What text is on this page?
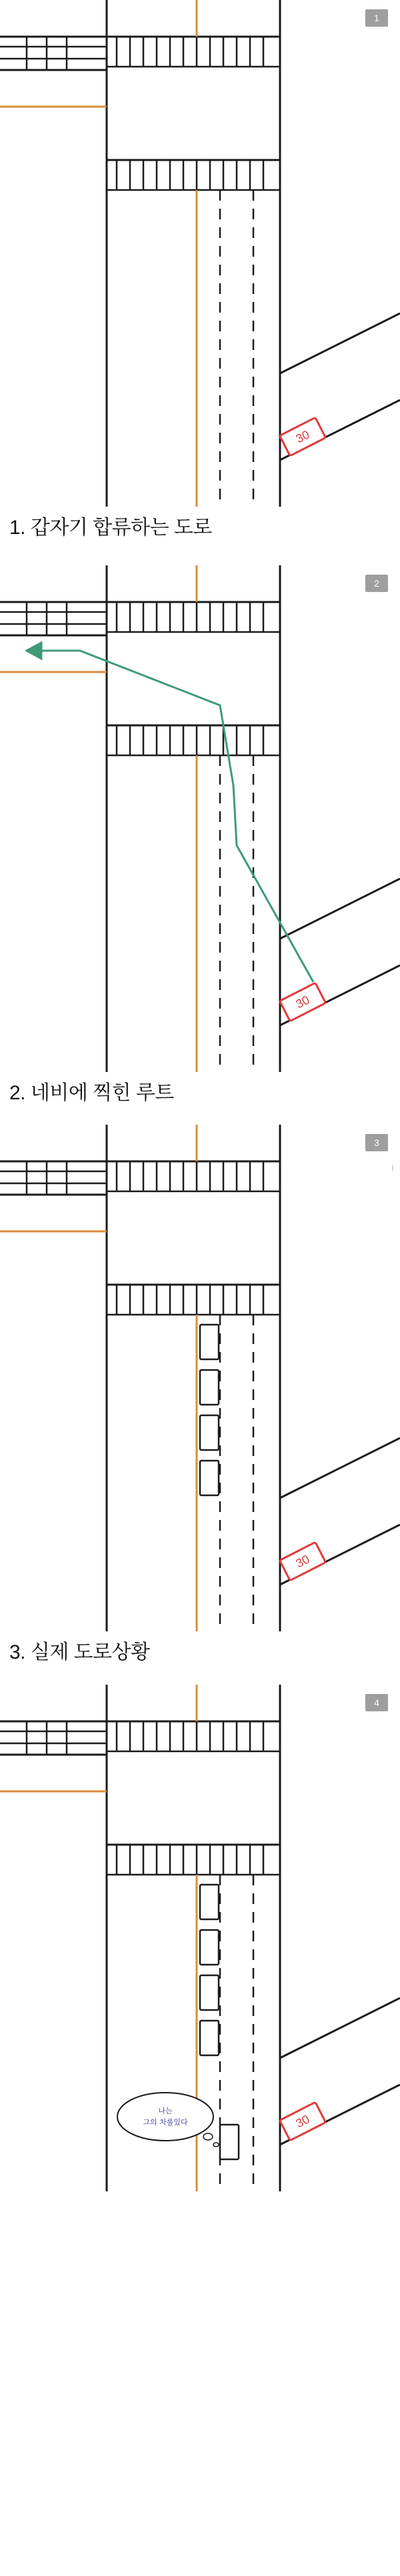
30
1
1. 갑자기 합류하는 도로
30
2
2. 네비에 찍힌 루트
30
3
3. 실제 도로상황
30
나는
그의 차롤있다
4
